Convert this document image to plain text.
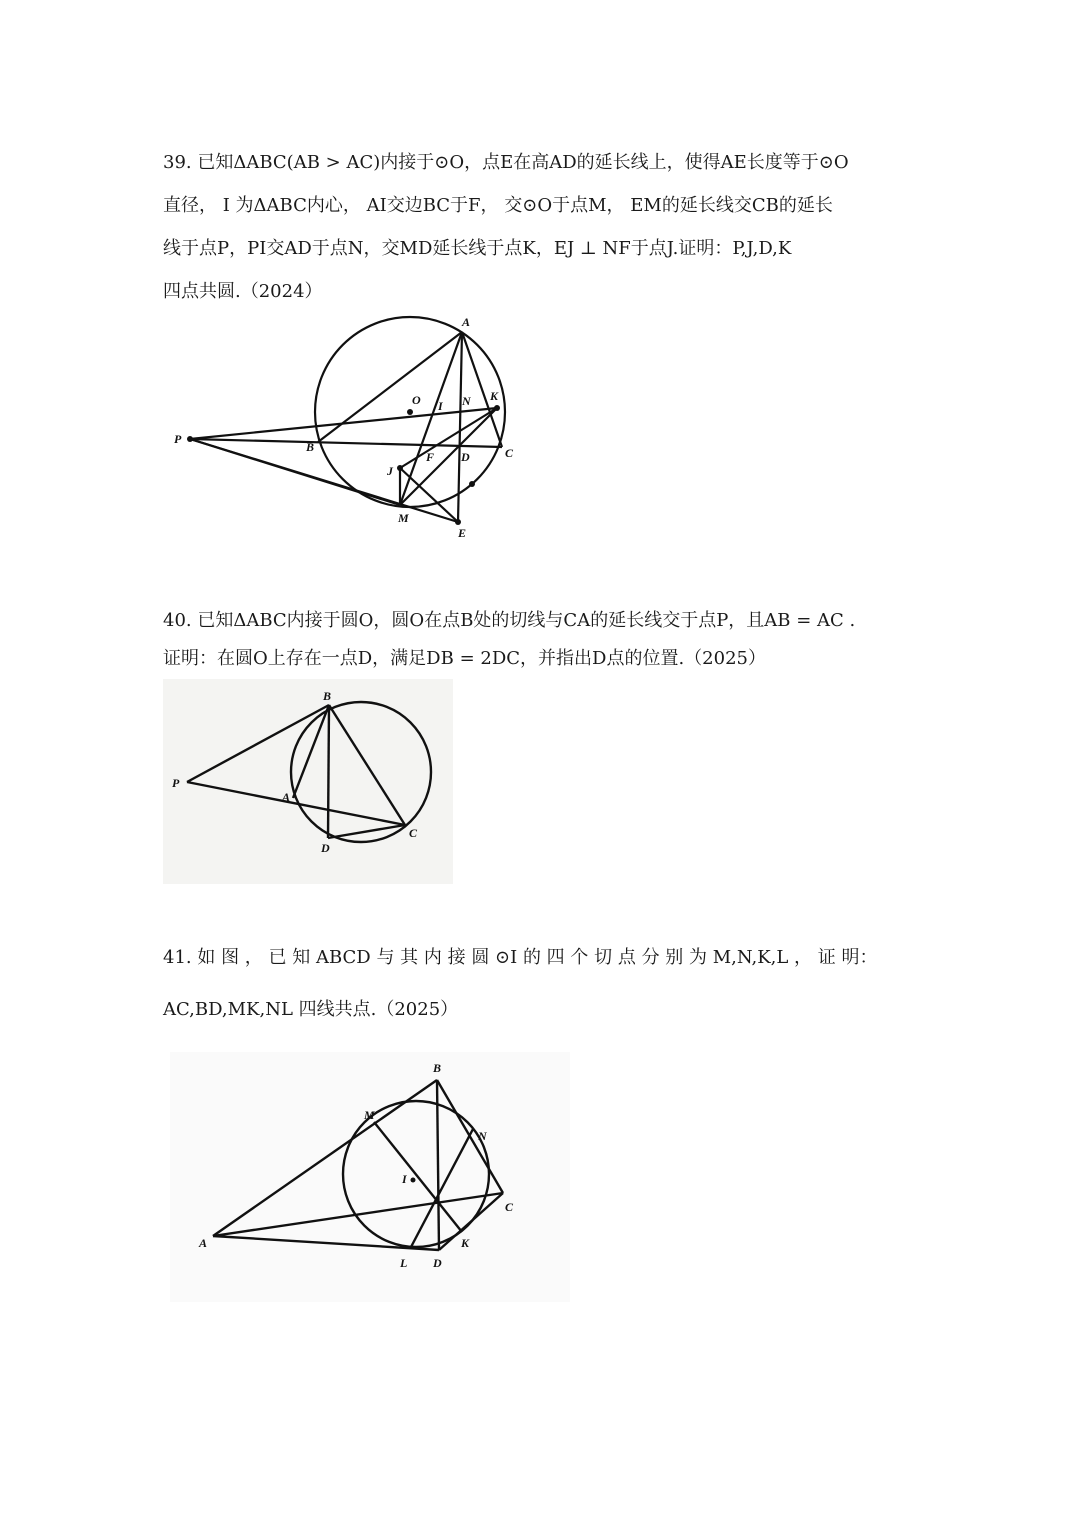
39. 已知ΔABC(AB > AC)内接于⊙O，点E在高AD的延长线上，使得AE长度等于⊙O
直径， I 为ΔABC内心， AI交边BC于F， 交⊙O于点M， EM的延长线交CB的延长
线于点P，PI交AD于点N，交MD延长线于点K，EJ ⊥ NF于点J.证明：P,J,D,K
四点共圆.（2024）
A
O I N K
P
B
F D	C
J
M
E
40. 已知ΔABC内接于圆O，圆O在点B处的切线与CA的延长线交于点P，且AB = AC .
证明：在圆O上存在一点D，满足DB = 2DC，并指出D点的位置.（2025）
B
P
A
D
C
41. 如 图 ， 已 知 ABCD 与 其 内 接 圆 ⊙I 的 四 个 切 点 分 别 为 M,N,K,L ， 证 明：
AC,BD,MK,NL 四线共点.（2025）
B
M
N
I
C
A
L D
K
